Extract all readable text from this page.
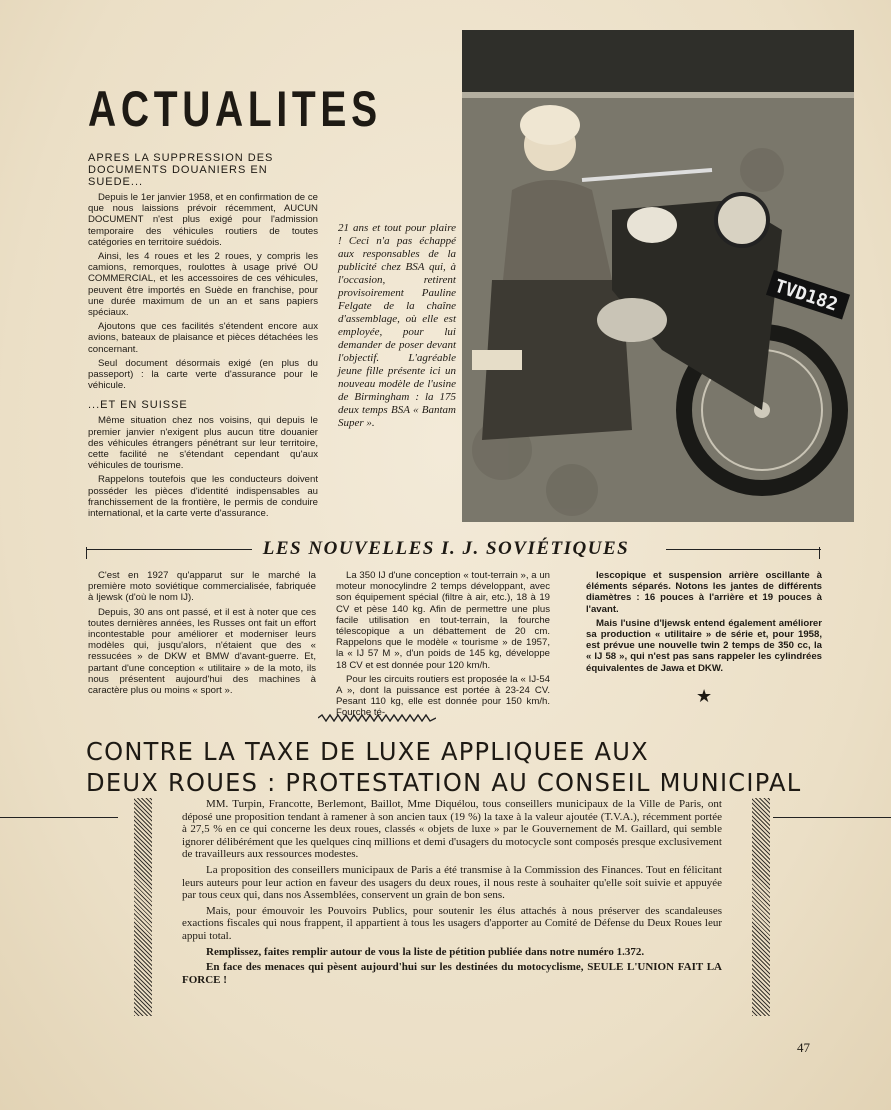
ACTUALITES
APRES LA SUPPRESSION DES DOCUMENTS DOUANIERS EN SUEDE...

Depuis le 1er janvier 1958, et en confirmation de ce que nous laissions prévoir récemment, AUCUN DOCUMENT n'est plus exigé pour l'admission temporaire des véhicules routiers de toutes catégories en territoire suédois.

Ainsi, les 4 roues et les 2 roues, y compris les camions, remorques, roulottes à usage privé OU COMMERCIAL, et les accessoires de ces véhicules, peuvent être importés en Suède en franchise, pour une durée maximum de un an et sans papiers spéciaux.

Ajoutons que ces facilités s'étendent encore aux avions, bateaux de plaisance et pièces détachées les concernant.

Seul document désormais exigé (en plus du passeport) : la carte verte d'assurance pour le véhicule.

...ET EN SUISSE

Même situation chez nos voisins, qui depuis le premier janvier n'exigent plus aucun titre douanier des véhicules étrangers pénétrant sur leur territoire, cette facilité ne s'étendant cependant qu'aux véhicules de tourisme.

Rappelons toutefois que les conducteurs doivent posséder les pièces d'identité indispensables au franchissement de la frontière, le permis de conduire international, et la carte verte d'assurance.

21 ans et tout pour plaire ! Ceci n'a pas échappé aux responsables de la publicité chez BSA qui, à l'occasion, retirent provisoirement Pauline Felgate de la chaîne d'assemblage, où elle est employée, pour lui demander de poser devant l'objectif. L'agréable jeune fille présente ici un nouveau modèle de l'usine de Birmingham : la 175 deux temps BSA « Bantam Super ».
TVD182
LES NOUVELLES I. J. SOVIÉTIQUES

C'est en 1927 qu'apparut sur le marché la première moto soviétique commercialisée, fabriquée à Ijewsk (d'où le nom IJ).

Depuis, 30 ans ont passé, et il est à noter que ces toutes dernières années, les Russes ont fait un effort incontestable pour améliorer et moderniser leurs modèles qui, jusqu'alors, n'étaient que des « ressucées » de DKW et BMW d'avant-guerre. Et, partant d'une conception « utilitaire » de la moto, ils nous présentent aujourd'hui des machines à caractère plus ou moins « sport ».

La 350 IJ d'une conception « tout-terrain », a un moteur monocylindre 2 temps développant, avec son équipement spécial (filtre à air, etc.), 18 à 19 CV et pèse 140 kg. Afin de permettre une plus facile utilisation en tout-terrain, la fourche télescopique a un débattement de 20 cm. Rappelons que le modèle « tourisme » de 1957, la « IJ 57 M », d'un poids de 145 kg, développe 18 CV et est donnée pour 120 km/h.

Pour les circuits routiers est proposée la « IJ-54 A », dont la puissance est portée à 23-24 CV. Pesant 110 kg, elle est donnée pour 150 km/h. Fourche té-

lescopique et suspension arrière oscillante à éléments séparés. Notons les jantes de différents diamètres : 16 pouces à l'arrière et 19 pouces à l'avant.

Mais l'usine d'Ijewsk entend également améliorer sa production « utilitaire » de série et, pour 1958, est prévue une nouvelle twin 2 temps de 350 cc, la « IJ 58 », qui n'est pas sans rappeler les cylindrées équivalentes de Jawa et DKW.

★
CONTRE LA TAXE DE LUXE APPLIQUEE AUX
DEUX ROUES : PROTESTATION AU CONSEIL MUNICIPAL

MM. Turpin, Francotte, Berlemont, Baillot, Mme Diquélou, tous conseillers municipaux de la Ville de Paris, ont déposé une proposition tendant à ramener à son ancien taux (19 %) la taxe à la valeur ajoutée (T.V.A.), récemment portée à 27,5 % en ce qui concerne les deux roues, classés « objets de luxe » par le Gouvernement de M. Gaillard, qui semble ignorer délibérément que les quelques cinq millions et demi d'usagers du motocycle sont composés presque exclusivement de travailleurs aux ressources modestes.

La proposition des conseillers municipaux de Paris a été transmise à la Commission des Finances. Tout en félicitant leurs auteurs pour leur action en faveur des usagers du deux roues, il nous reste à souhaiter qu'elle soit suivie et appuyée par tous ceux qui, dans nos Assemblées, conservent un grain de bon sens.

Mais, pour émouvoir les Pouvoirs Publics, pour soutenir les élus attachés à nous préserver des scandaleuses exactions fiscales qui nous frappent, il appartient à tous les usagers d'apporter au Comité de Défense du Deux Roues leur appui total.

Remplissez, faites remplir autour de vous la liste de pétition publiée dans notre numéro 1.372.

En face des menaces qui pèsent aujourd'hui sur les destinées du motocyclisme, SEULE L'UNION FAIT LA FORCE !

47
